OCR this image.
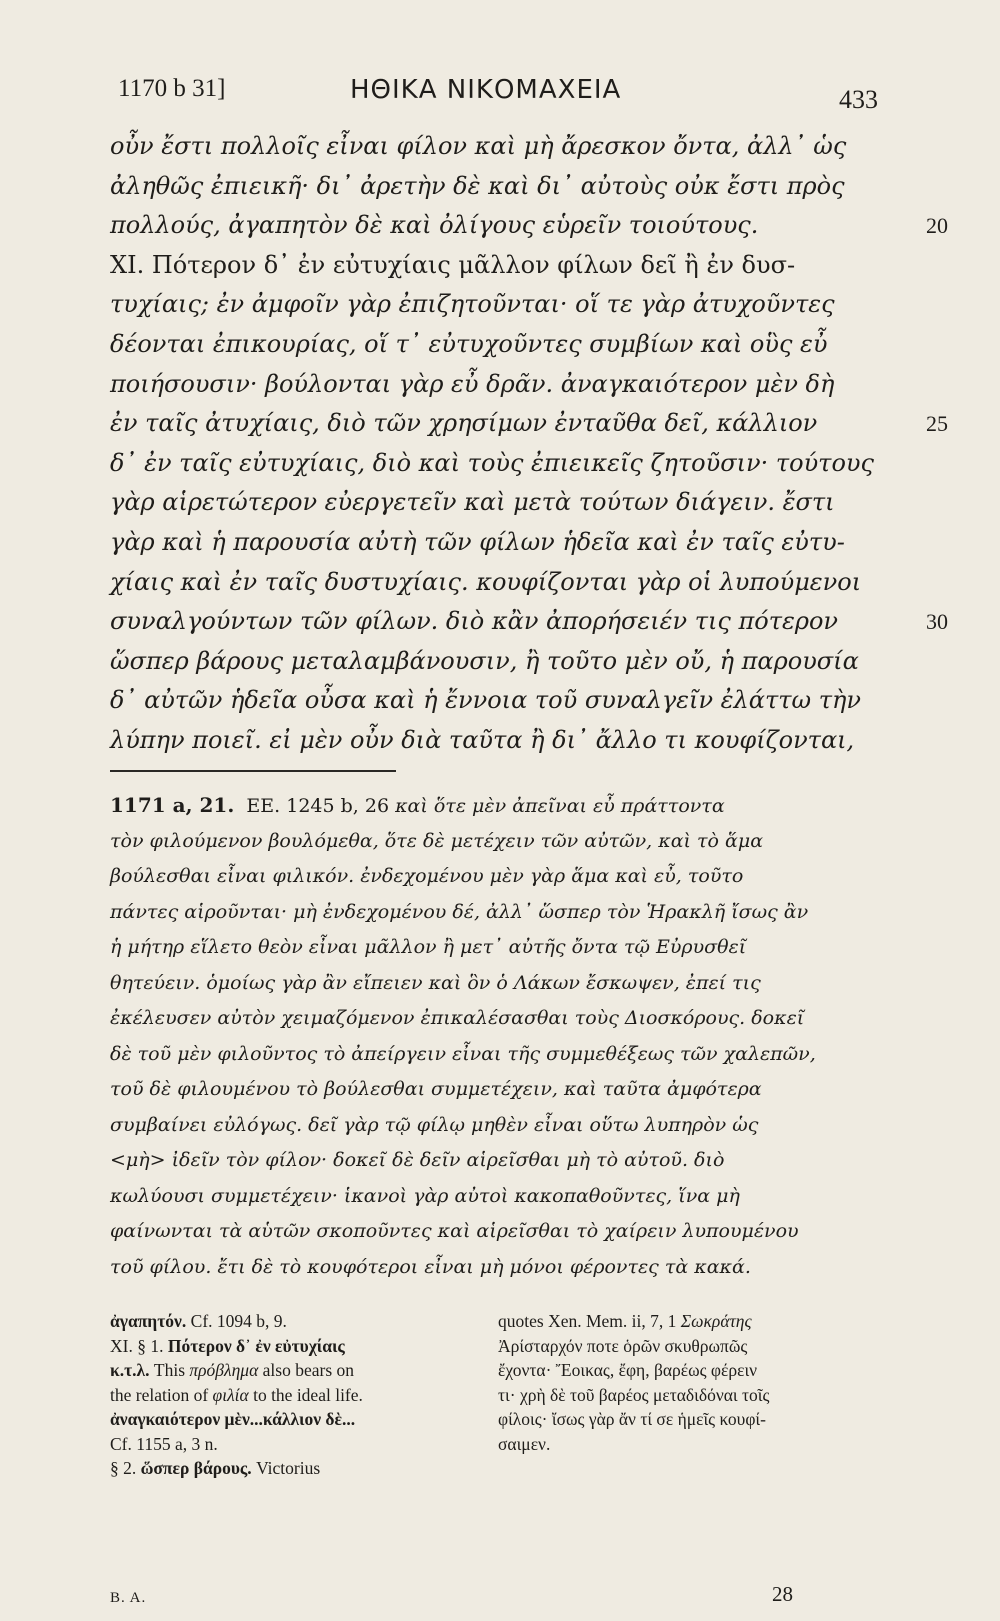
1170 b 31]	ΗΘΙΚΑ ΝΙΚΟΜΑΧΕΙΑ	433
οὖν ἔστι πολλοῖς εἶναι φίλον καὶ μὴ ἄρεσκον ὄντα, ἀλλ᾽ ὡς
ἀληθῶς ἐπιεικῆ· δι᾽ ἀρετὴν δὲ καὶ δι᾽ αὐτοὺς οὐκ ἔστι πρὸς
πολλούς, ἀγαπητὸν δὲ καὶ ὀλίγους εὑρεῖν τοιούτους.	20
XI. Πότερον δ᾽ ἐν εὐτυχίαις μᾶλλον φίλων δεῖ ἢ ἐν δυσ-
τυχίαις; ἐν ἀμφοῖν γὰρ ἐπιζητοῦνται· οἵ τε γὰρ ἀτυχοῦντες
δέονται ἐπικουρίας, οἵ τ᾽ εὐτυχοῦντες συμβίων καὶ οὓς εὖ
ποιήσουσιν· βούλονται γὰρ εὖ δρᾶν. ἀναγκαιότερον μὲν δὴ
ἐν ταῖς ἀτυχίαις, διὸ τῶν χρησίμων ἐνταῦθα δεῖ, κάλλιον	25
δ᾽ ἐν ταῖς εὐτυχίαις, διὸ καὶ τοὺς ἐπιεικεῖς ζητοῦσιν· τούτους
γὰρ αἱρετώτερον εὐεργετεῖν καὶ μετὰ τούτων διάγειν. ἔστι
γὰρ καὶ ἡ παρουσία αὐτὴ τῶν φίλων ἡδεῖα καὶ ἐν ταῖς εὐτυ-
χίαις καὶ ἐν ταῖς δυστυχίαις. κουφίζονται γὰρ οἱ λυπούμενοι
συναλγούντων τῶν φίλων. διὸ κἂν ἀπορήσειέν τις πότερον	30
ὥσπερ βάρους μεταλαμβάνουσιν, ἢ τοῦτο μὲν οὔ, ἡ παρουσία
δ᾽ αὐτῶν ἡδεῖα οὖσα καὶ ἡ ἔννοια τοῦ συναλγεῖν ἐλάττω τὴν
λύπην ποιεῖ. εἰ μὲν οὖν διὰ ταῦτα ἢ δι᾽ ἄλλο τι κουφίζονται,
1171 a, 21. EE. 1245 b, 26 καὶ ὅτε μὲν ἀπεῖναι εὖ πράττοντα
τὸν φιλούμενον βουλόμεθα, ὅτε δὲ μετέχειν τῶν αὐτῶν, καὶ τὸ ἅμα
βούλεσθαι εἶναι φιλικόν. ἐνδεχομένου μὲν γὰρ ἅμα καὶ εὖ, τοῦτο
πάντες αἱροῦνται· μὴ ἐνδεχομένου δέ, ἀλλ᾽ ὥσπερ τὸν Ἡρακλῆ ἴσως ἂν
ἡ μήτηρ εἵλετο θεὸν εἶναι μᾶλλον ἢ μετ᾽ αὐτῆς ὄντα τῷ Εὐρυσθεῖ
θητεύειν. ὁμοίως γὰρ ἂν εἴπειεν καὶ ὃν ὁ Λάκων ἔσκωψεν, ἐπεί τις
ἐκέλευσεν αὐτὸν χειμαζόμενον ἐπικαλέσασθαι τοὺς Διοσκόρους. δοκεῖ
δὲ τοῦ μὲν φιλοῦντος τὸ ἀπείργειν εἶναι τῆς συμμεθέξεως τῶν χαλεπῶν,
τοῦ δὲ φιλουμένου τὸ βούλεσθαι συμμετέχειν, καὶ ταῦτα ἀμφότερα
συμβαίνει εὐλόγως. δεῖ γὰρ τῷ φίλῳ μηθὲν εἶναι οὕτω λυπηρὸν ὡς
<μὴ> ἰδεῖν τὸν φίλον· δοκεῖ δὲ δεῖν αἱρεῖσθαι μὴ τὸ αὐτοῦ. διὸ
κωλύουσι συμμετέχειν· ἱκανοὶ γὰρ αὐτοὶ κακοπαθοῦντες, ἵνα μὴ
φαίνωνται τὰ αὑτῶν σκοποῦντες καὶ αἱρεῖσθαι τὸ χαίρειν λυπουμένου
τοῦ φίλου. ἔτι δὲ τὸ κουφότεροι εἶναι μὴ μόνοι φέροντες τὰ κακά.
ἀγαπητόν. Cf. 1094 b, 9.
XI. § 1. Πότερον δ᾽ ἐν εὐτυχίαις
κ.τ.λ. This πρόβλημα also bears on
the relation of φιλία to the ideal life.
ἀναγκαιότερον μὲν...κάλλιον δὲ...
Cf. 1155 a, 3 n.
§ 2. ὥσπερ βάρους. Victorius
quotes Xen. Mem. ii, 7, 1 Σωκράτης
Ἀρίσταρχόν ποτε ὁρῶν σκυθρωπῶς
ἔχοντα· Ἔοικας, ἔφη, βαρέως φέρειν
τι· χρὴ δὲ τοῦ βαρέος μεταδιδόναι τοῖς
φίλοις· ἴσως γὰρ ἄν τί σε ἡμεῖς κουφί-
σαιμεν.
B. A.	28
